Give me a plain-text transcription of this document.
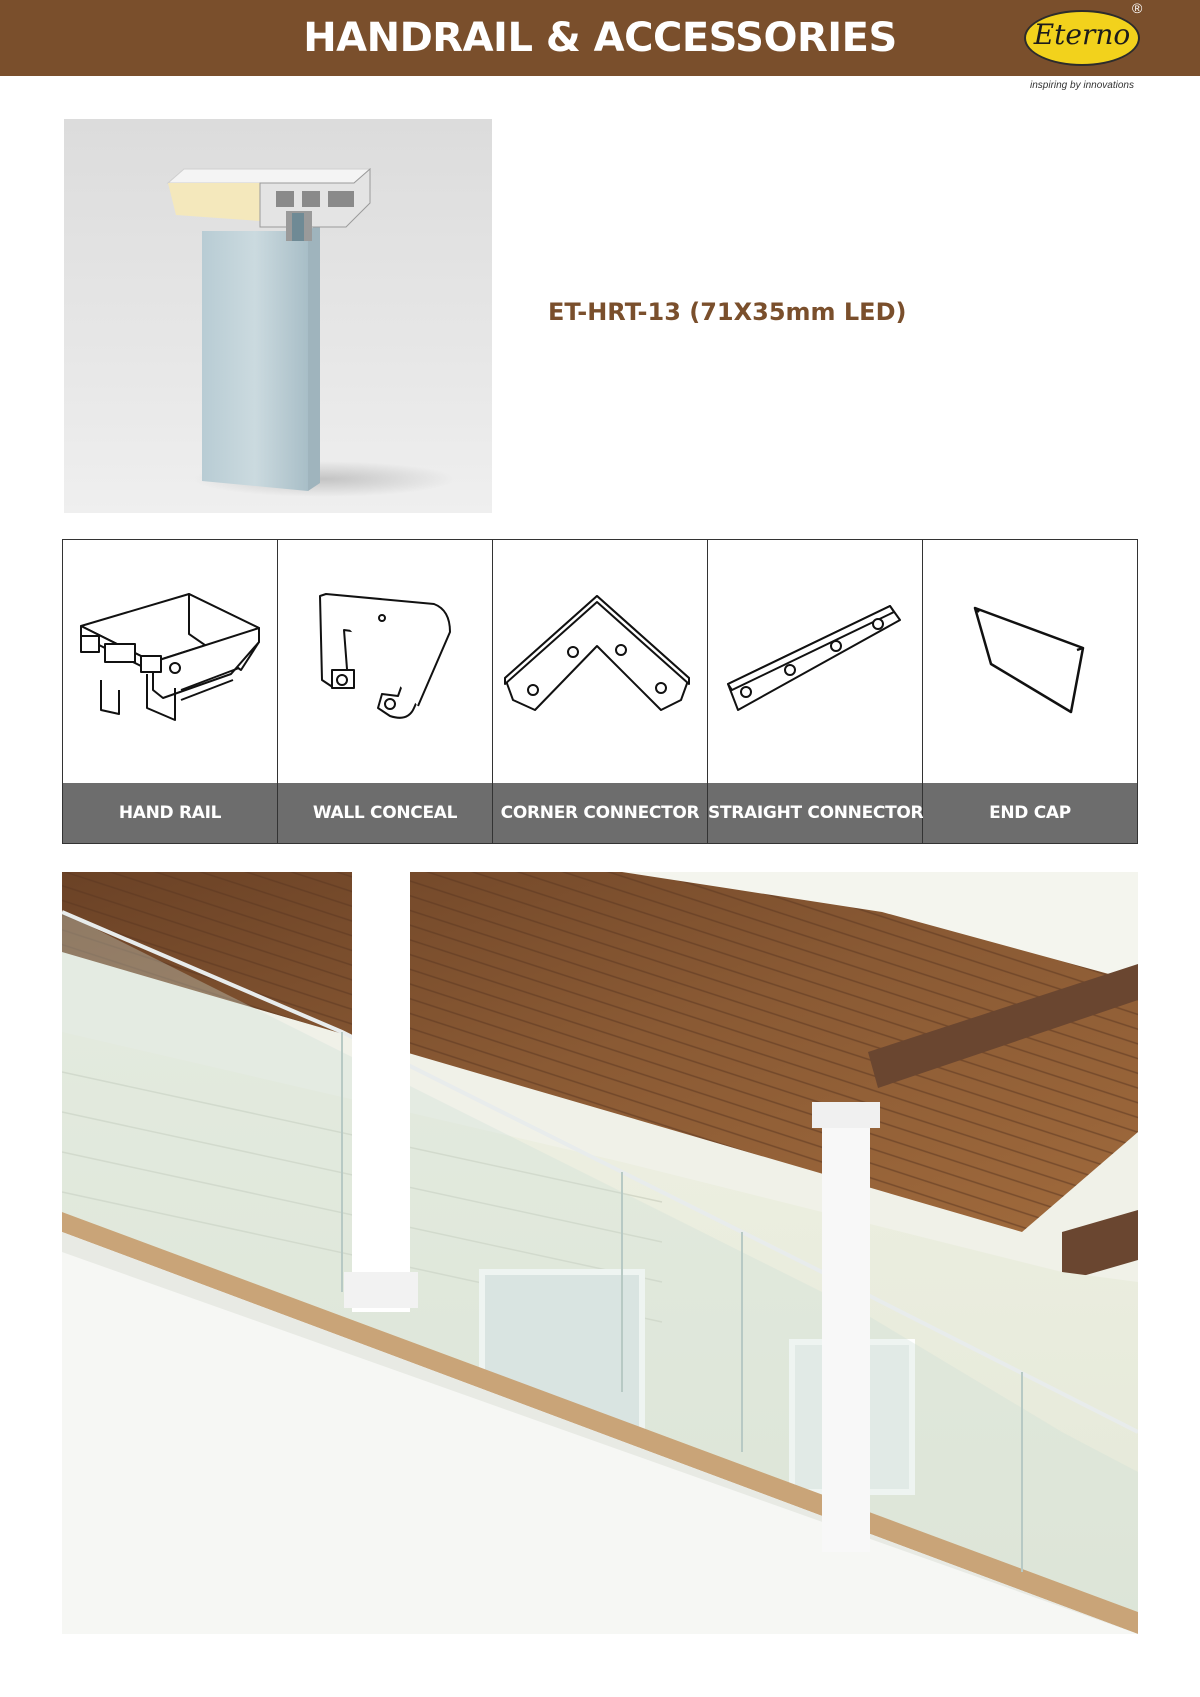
HANDRAIL & ACCESSORIES	Eterno
®
inspiring by innovations
ET-HRT-13 (71X35mm LED)
HAND RAIL	WALL CONCEAL	CORNER CONNECTOR STRAIGHT CONNECTOR	END CAP
